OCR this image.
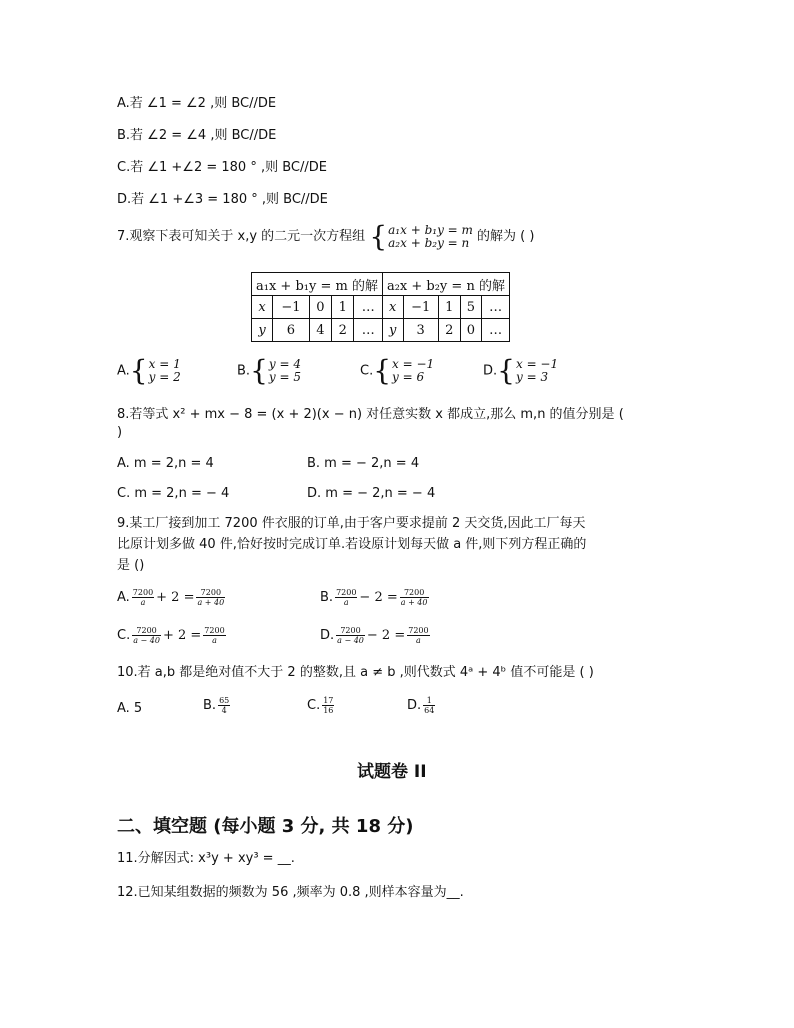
A.若 ∠1 = ∠2 ,则 BC//DE
B.若 ∠2 = ∠4 ,则 BC//DE
C.若 ∠1 +∠2 = 180 ° ,则 BC//DE
D.若 ∠1 +∠3 = 180 ° ,则 BC//DE
7.观察下表可知关于 x,y 的二元一次方程组 { a₁x + b₁y = m
a₂x + b₂y = n 的解为 ( )
a₁x + b₁y = m 的解					a₂x + b₂y = n 的解				
x	−1	0	1	…	x	−1	1	5	…
y	6	4	2	…	y	3	2	0	…
A.{ x = 1
y = 2	B.{ y = 4
y = 5	C.{ x = −1
y = 6	D.{ x = −1
y = 3
8.若等式 x² + mx − 8 = (x + 2)(x − n) 对任意实数 x 都成立,那么 m,n 的值分别是 (
)
A. m = 2,n = 4	B. m = − 2,n = 4
C. m = 2,n = − 4	D. m = − 2,n = − 4
9.某工厂接到加工 7200 件衣服的订单,由于客户要求提前 2 天交货,因此工厂每天
比原计划多做 40 件,恰好按时完成订单.若设原计划每天做 a 件,则下列方程正确的
是 ()
A. $\frac{7200}{a} + 2 = \frac{7200}{a + 40}$	B. $\frac{7200}{a} - 2 = \frac{7200}{a + 40}$
C. $\frac{7200}{a - 40} + 2 = \frac{7200}{a}$	D. $\frac{7200}{a - 40} - 2 = \frac{7200}{a}$
10.若 a,b 都是绝对值不大于 2 的整数,且 a ≠ b ,则代数式 4ᵃ + 4ᵇ 值不可能是 ( )
A. 5	B. $\frac{65}{4}$	C. $\frac{17}{16}$	D. $\frac{1}{64}$
试题卷 II
二、填空题 (每小题 3 分, 共 18 分)
11.分解因式: x³y + xy³ = __.
12.已知某组数据的频数为 56 ,频率为 0.8 ,则样本容量为__.
